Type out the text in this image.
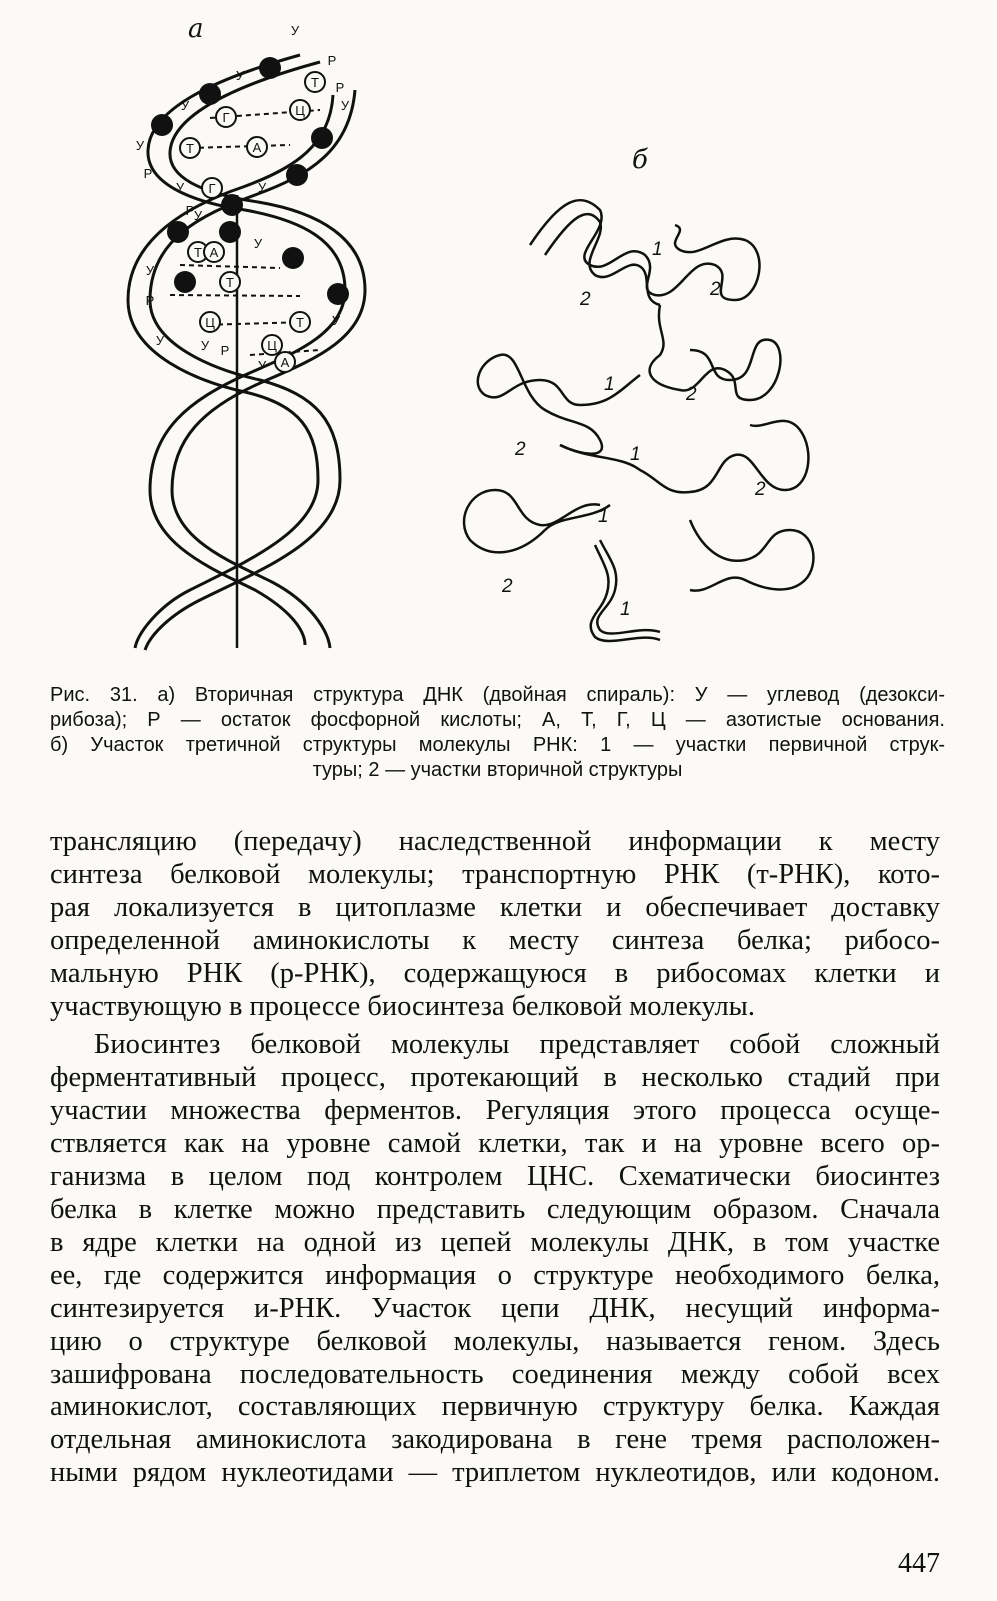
а
б
Г	Ц
Т	А
Г
Т А
Т
Т
Ц
Ц
А
Т
У
У
У
У	У
У
У
У
У	У
У
У
У
У
Р
Р
Р
Р
Р
Р
1
2	2
1	2
2	1
2
1
2
1
Рис. 31. а) Вторичная структура ДНК (двойная спираль): У — углевод (дезокси-
рибоза); Р — остаток фосфорной кислоты; А, Т, Г, Ц — азотистые основания.
б) Участок третичной структуры молекулы РНК: 1 — участки первичной струк-
туры; 2 — участки вторичной структуры
трансляцию (передачу) наследственной информации к месту
синтеза белковой молекулы; транспортную РНК (т-РНК), кото-
рая локализуется в цитоплазме клетки и обеспечивает доставку
определенной аминокислоты к месту синтеза белка; рибосо-
мальную РНК (р-РНК), содержащуюся в рибосомах клетки и
участвующую в процессе биосинтеза белковой молекулы.
Биосинтез белковой молекулы представляет собой сложный
ферментативный процесс, протекающий в несколько стадий при
участии множества ферментов. Регуляция этого процесса осуще-
ствляется как на уровне самой клетки, так и на уровне всего ор-
ганизма в целом под контролем ЦНС. Схематически биосинтез
белка в клетке можно представить следующим образом. Сначала
в ядре клетки на одной из цепей молекулы ДНК, в том участке
ее, где содержится информация о структуре необходимого белка,
синтезируется и-РНК. Участок цепи ДНК, несущий информа-
цию о структуре белковой молекулы, называется геном. Здесь
зашифрована последовательность соединения между собой всех
аминокислот, составляющих первичную структуру белка. Каждая
отдельная аминокислота закодирована в гене тремя расположен-
ными рядом нуклеотидами — триплетом нуклеотидов, или кодоном.
447
